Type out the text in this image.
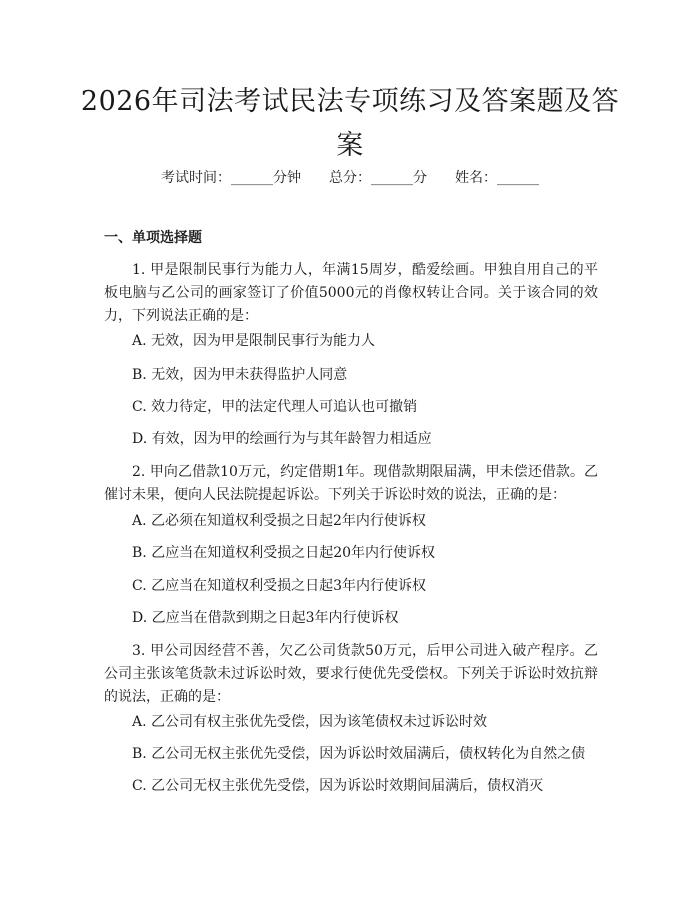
2026年司法考试民法专项练习及答案题及答案
考试时间：______分钟 总分：______分 姓名：______
一、单项选择题
1. 甲是限制民事行为能力人，年满15周岁，酷爱绘画。甲独自用自己的平板电脑与乙公司的画家签订了价值5000元的肖像权转让合同。关于该合同的效力，下列说法正确的是：
A. 无效，因为甲是限制民事行为能力人
B. 无效，因为甲未获得监护人同意
C. 效力待定，甲的法定代理人可追认也可撤销
D. 有效，因为甲的绘画行为与其年龄智力相适应
2. 甲向乙借款10万元，约定借期1年。现借款期限届满，甲未偿还借款。乙催讨未果，便向人民法院提起诉讼。下列关于诉讼时效的说法，正确的是：
A. 乙必须在知道权利受损之日起2年内行使诉权
B. 乙应当在知道权利受损之日起20年内行使诉权
C. 乙应当在知道权利受损之日起3年内行使诉权
D. 乙应当在借款到期之日起3年内行使诉权
3. 甲公司因经营不善，欠乙公司货款50万元，后甲公司进入破产程序。乙公司主张该笔货款未过诉讼时效，要求行使优先受偿权。下列关于诉讼时效抗辩的说法，正确的是：
A. 乙公司有权主张优先受偿，因为该笔债权未过诉讼时效
B. 乙公司无权主张优先受偿，因为诉讼时效届满后，债权转化为自然之债
C. 乙公司无权主张优先受偿，因为诉讼时效期间届满后，债权消灭
